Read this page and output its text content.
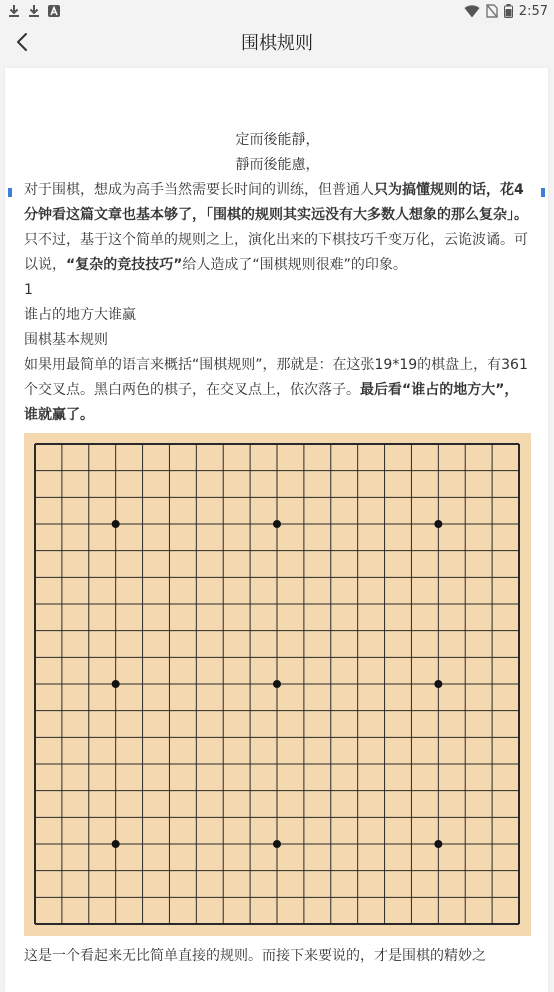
2:57
围棋规则

定而後能靜，

靜而後能慮，

对于围棋，想成为高手当然需要长时间的训练，但普通人只为搞懂规则的话，花4分钟看这篇文章也基本够了，「围棋的规则其实远没有大多数人想象的那么复杂」。

只不过，基于这个简单的规则之上，演化出来的下棋技巧千变万化，云诡波谲。可以说，“复杂的竞技技巧”给人造成了“围棋规则很难”的印象。

1

谁占的地方大谁赢

围棋基本规则

如果用最简单的语言来概括“围棋规则”，那就是：在这张19*19的棋盘上，有361个交叉点。黑白两色的棋子，在交叉点上，依次落子。最后看“谁占的地方大”，谁就赢了。

这是一个看起来无比简单直接的规则。而接下来要说的，才是围棋的精妙之
